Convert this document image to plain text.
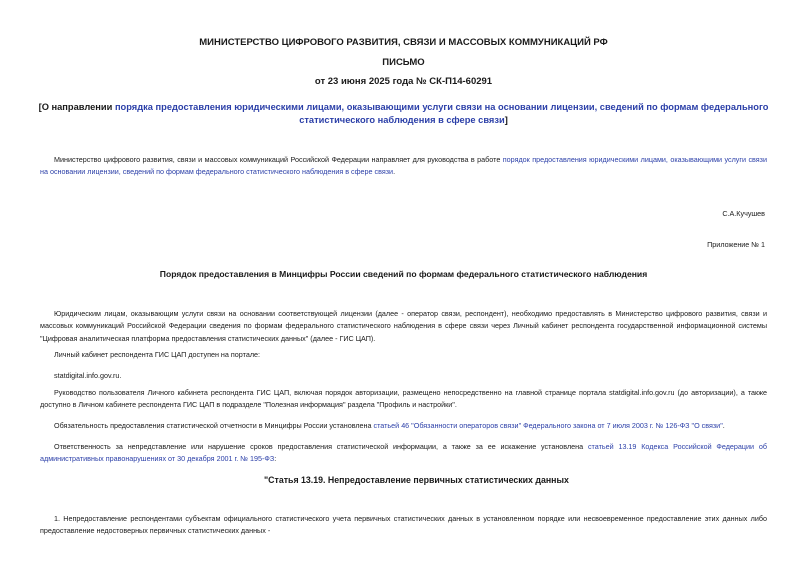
МИНИСТЕРСТВО ЦИФРОВОГО РАЗВИТИЯ, СВЯЗИ И МАССОВЫХ КОММУНИКАЦИЙ РФ
ПИСЬМО
от 23 июня 2025 года № СК-П14-60291
[О направлении порядка предоставления юридическими лицами, оказывающими услуги связи на основании лицензии, сведений по формам федерального
статистического наблюдения в сфере связи]
Министерство цифрового развития, связи и массовых коммуникаций Российской Федерации направляет для руководства в работе порядок предоставления юридическими лицами, оказывающими услуги связи на основании лицензии, сведений по формам федерального статистического наблюдения в сфере связи.
С.А.Кучушев
Приложение № 1
Порядок предоставления в Минцифры России сведений по формам федерального статистического наблюдения
Юридическим лицам, оказывающим услуги связи на основании соответствующей лицензии (далее - оператор связи, респондент), необходимо предоставлять в Министерство цифрового развития, связи и массовых коммуникаций Российской Федерации сведения по формам федерального статистического наблюдения в сфере связи через Личный кабинет респондента государственной информационной системы "Цифровая аналитическая платформа предоставления статистических данных" (далее - ГИС ЦАП).
Личный кабинет респондента ГИС ЦАП доступен на портале:
statdigital.info.gov.ru.
Руководство пользователя Личного кабинета респондента ГИС ЦАП, включая порядок авторизации, размещено непосредственно на главной странице портала statdigital.info.gov.ru (до авторизации), а также доступно в Личном кабинете респондента ГИС ЦАП в подразделе "Полезная информация" раздела "Профиль и настройки".
Обязательность предоставления статистической отчетности в Минцифры России установлена статьей 46 "Обязанности операторов связи" Федерального закона от 7 июля 2003 г. № 126-ФЗ "О связи".
Ответственность за непредставление или нарушение сроков предоставления статистической информации, а также за ее искажение установлена статьей 13.19 Кодекса Российской Федерации об административных правонарушениях от 30 декабря 2001 г. № 195-ФЗ:
"Статья 13.19. Непредоставление первичных статистических данных
1. Непредоставление респондентами субъектам официального статистического учета первичных статистических данных в установленном порядке или несвоевременное предоставление этих данных либо предоставление недостоверных первичных статистических данных -
